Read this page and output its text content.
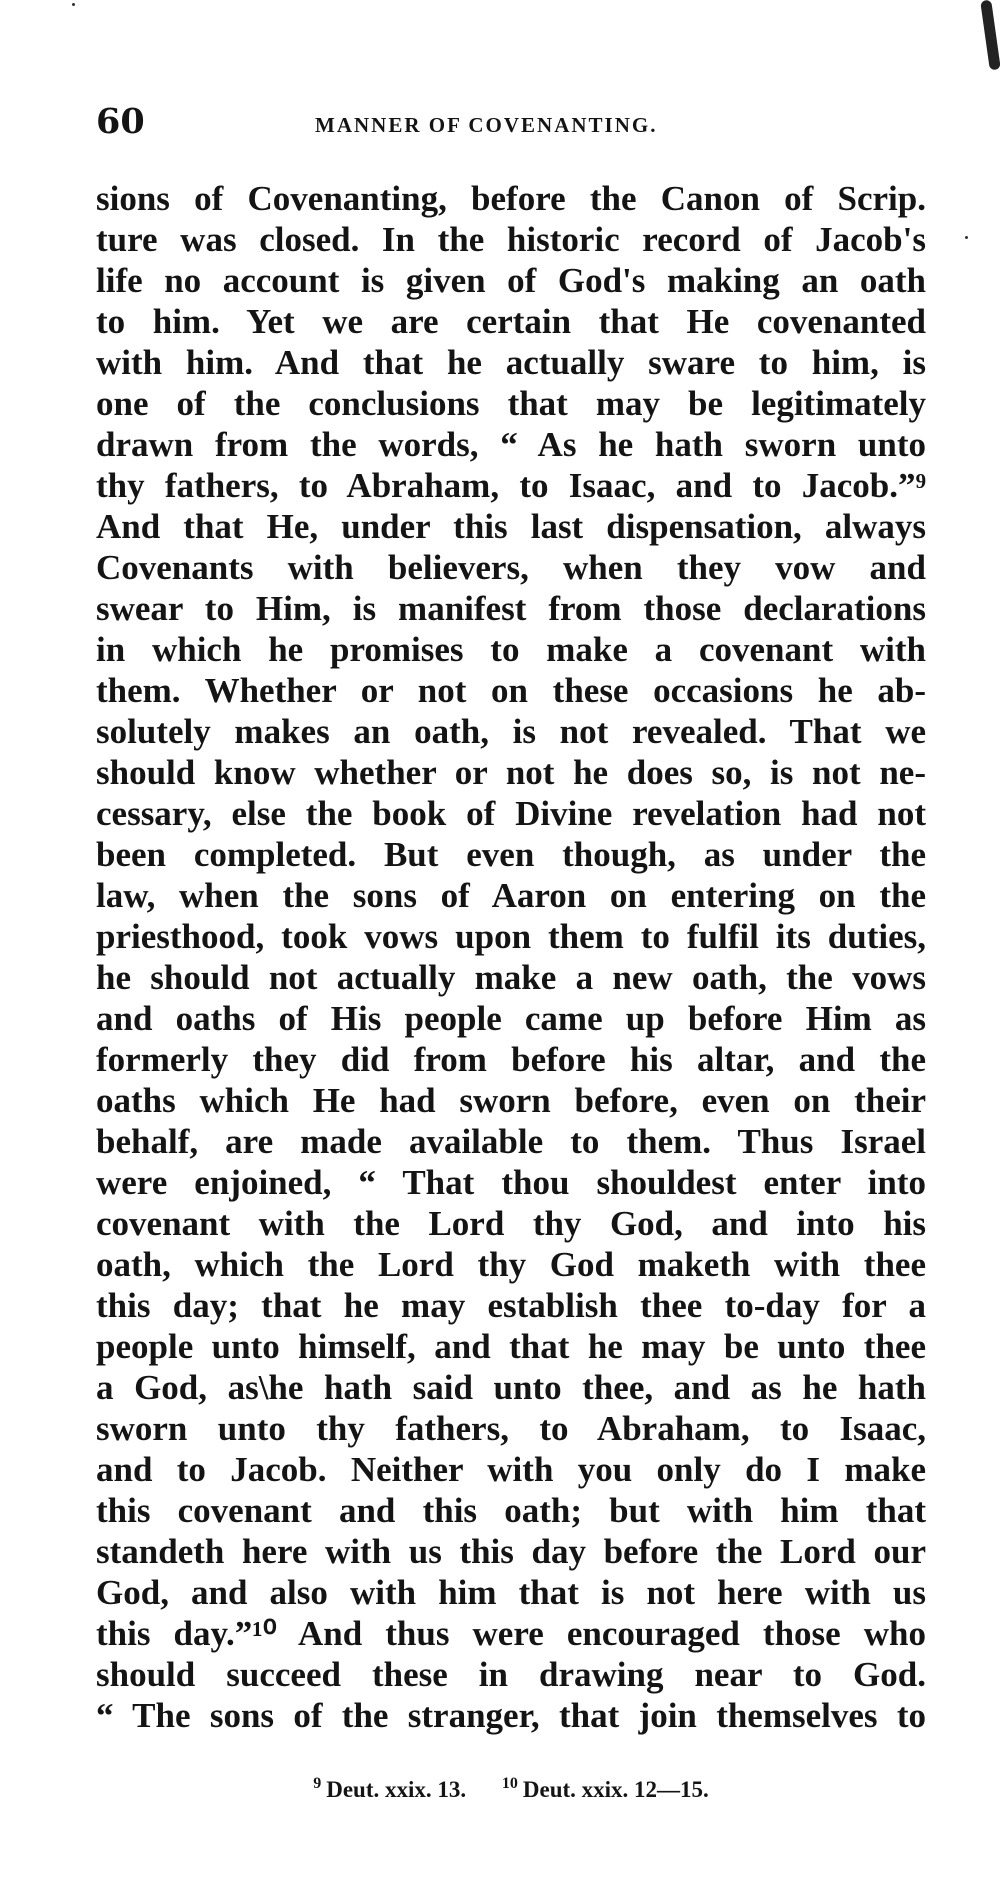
60	MANNER OF COVENANTING.
sions of Covenanting, before the Canon of Scrip.
ture was closed. In the historic record of Jacob's
life no account is given of God's making an oath
to him. Yet we are certain that He covenanted
with him. And that he actually sware to him, is
one of the conclusions that may be legitimately
drawn from the words, “ As he hath sworn unto
thy fathers, to Abraham, to Isaac, and to Jacob.”⁹
And that He, under this last dispensation, always
Covenants with believers, when they vow and
swear to Him, is manifest from those declarations
in which he promises to make a covenant with
them. Whether or not on these occasions he ab-
solutely makes an oath, is not revealed. That we
should know whether or not he does so, is not ne-
cessary, else the book of Divine revelation had not
been completed. But even though, as under the
law, when the sons of Aaron on entering on the
priesthood, took vows upon them to fulfil its duties,
he should not actually make a new oath, the vows
and oaths of His people came up before Him as
formerly they did from before his altar, and the
oaths which He had sworn before, even on their
behalf, are made available to them. Thus Israel
were enjoined, “ That thou shouldest enter into
covenant with the Lord thy God, and into his
oath, which the Lord thy God maketh with thee
this day; that he may establish thee to-day for a
people unto himself, and that he may be unto thee
a God, as\he hath said unto thee, and as he hath
sworn unto thy fathers, to Abraham, to Isaac,
and to Jacob. Neither with you only do I make
this covenant and this oath; but with him that
standeth here with us this day before the Lord our
God, and also with him that is not here with us
this day.”¹⁰ And thus were encouraged those who
should succeed these in drawing near to God.
“ The sons of the stranger, that join themselves to
$^9$ Deut. xxix. 13. $^{10}$ Deut. xxix. 12—15.
